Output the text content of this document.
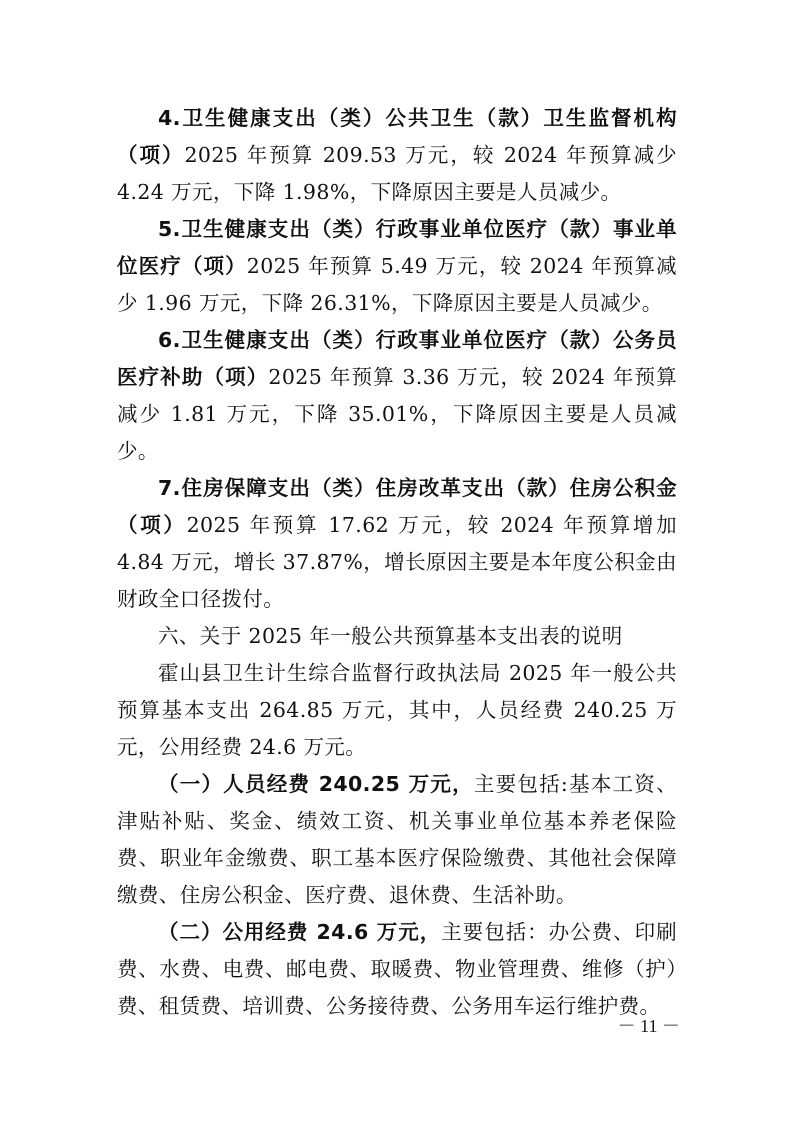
4.卫生健康支出（类）公共卫生（款）卫生监督机构（项）2025 年预算 209.53 万元，较 2024 年预算减少 4.24 万元，下降 1.98%，下降原因主要是人员减少。

5.卫生健康支出（类）行政事业单位医疗（款）事业单位医疗（项）2025 年预算 5.49 万元，较 2024 年预算减少 1.96 万元，下降 26.31%，下降原因主要是人员减少。

6.卫生健康支出（类）行政事业单位医疗（款）公务员医疗补助（项）2025 年预算 3.36 万元，较 2024 年预算减少 1.81 万元，下降 35.01%，下降原因主要是人员减少。

7.住房保障支出（类）住房改革支出（款）住房公积金（项）2025 年预算 17.62 万元，较 2024 年预算增加 4.84 万元，增长 37.87%，增长原因主要是本年度公积金由财政全口径拨付。

六、关于 2025 年一般公共预算基本支出表的说明

霍山县卫生计生综合监督行政执法局 2025 年一般公共预算基本支出 264.85 万元，其中，人员经费 240.25 万元，公用经费 24.6 万元。

（一）人员经费 240.25 万元，主要包括:基本工资、津贴补贴、奖金、绩效工资、机关事业单位基本养老保险费、职业年金缴费、职工基本医疗保险缴费、其他社会保障缴费、住房公积金、医疗费、退休费、生活补助。

（二）公用经费 24.6 万元，主要包括：办公费、印刷费、水费、电费、邮电费、取暖费、物业管理费、维修（护）费、租赁费、培训费、公务接待费、公务用车运行维护费。

－ 11 －
